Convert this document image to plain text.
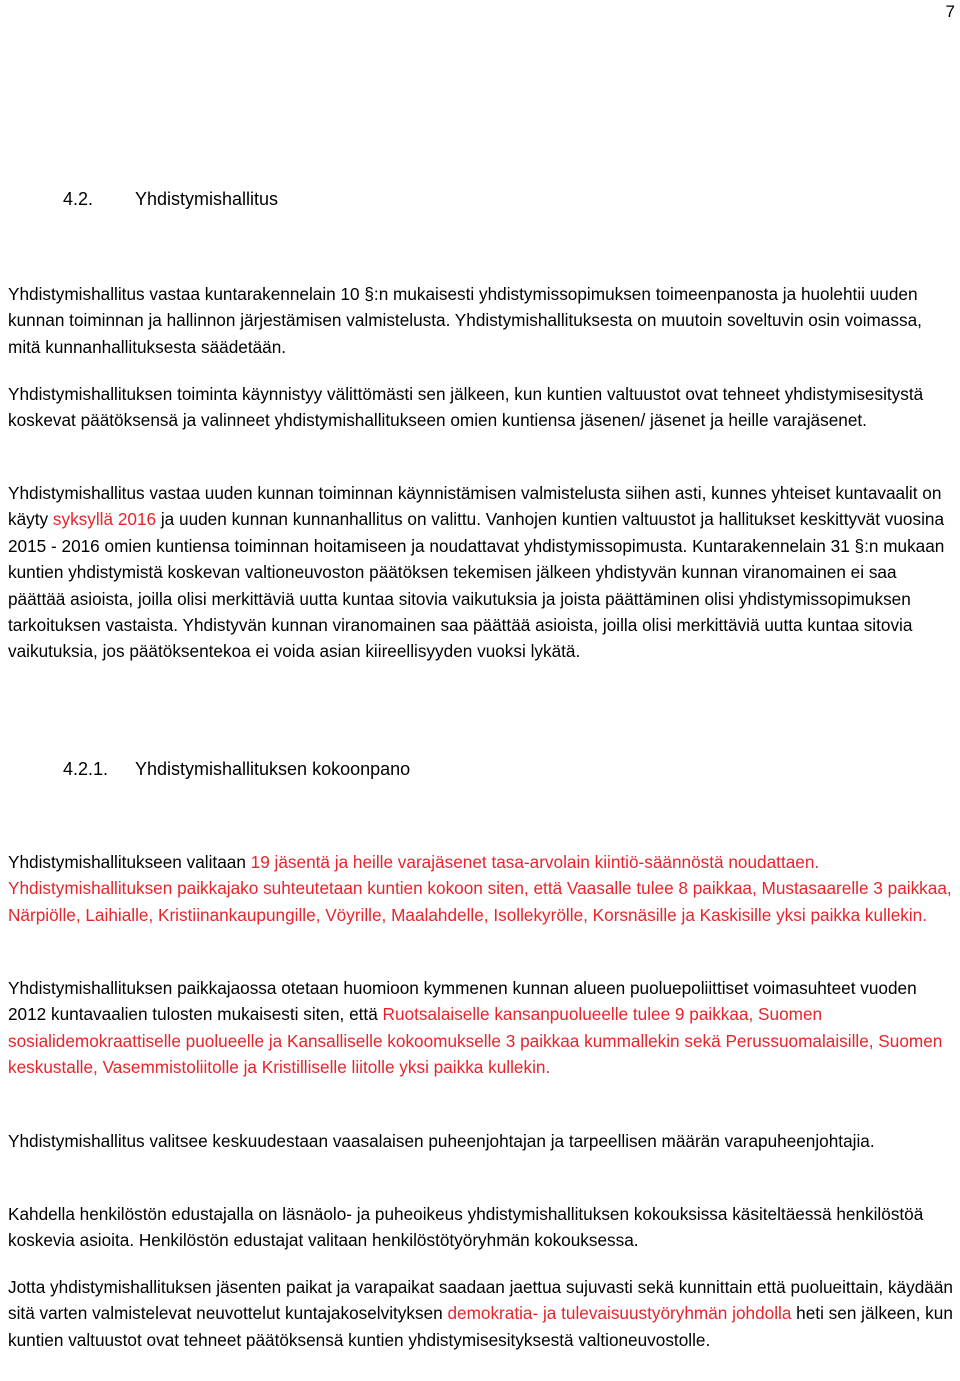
7
4.2. Yhdistymishallitus

Yhdistymishallitus vastaa kuntarakennelain 10 §:n mukaisesti yhdistymissopimuksen toimeenpanosta ja huolehtii uuden kunnan toiminnan ja hallinnon järjestämisen valmistelusta. Yhdistymishallituksesta on muutoin soveltuvin osin voimassa, mitä kunnanhallituksesta säädetään.

Yhdistymishallituksen toiminta käynnistyy välittömästi sen jälkeen, kun kuntien valtuustot ovat tehneet yhdistymisesitystä koskevat päätöksensä ja valinneet yhdistymishallitukseen omien kuntiensa jäsenen/ jäsenet ja heille varajäsenet.

Yhdistymishallitus vastaa uuden kunnan toiminnan käynnistämisen valmistelusta siihen asti, kunnes yhteiset kuntavaalit on käyty syksyllä 2016 ja uuden kunnan kunnanhallitus on valittu. Vanhojen kuntien valtuustot ja hallitukset keskittyvät vuosina 2015 - 2016 omien kuntiensa toiminnan hoitamiseen ja noudattavat yhdistymissopimusta. Kuntarakennelain 31 §:n mukaan kuntien yhdistymistä koskevan valtioneuvoston päätöksen tekemisen jälkeen yhdistyvän kunnan viranomainen ei saa päättää asioista, joilla olisi merkittäviä uutta kuntaa sitovia vaikutuksia ja joista päättäminen olisi yhdistymissopimuksen tarkoituksen vastaista. Yhdistyvän kunnan viranomainen saa päättää asioista, joilla olisi merkittäviä uutta kuntaa sitovia vaikutuksia, jos päätöksentekoa ei voida asian kiireellisyyden vuoksi lykätä.

4.2.1. Yhdistymishallituksen kokoonpano

Yhdistymishallitukseen valitaan 19 jäsentä ja heille varajäsenet tasa-arvolain kiintiö-säännöstä noudattaen. Yhdistymishallituksen paikkajako suhteutetaan kuntien kokoon siten, että Vaasalle tulee 8 paikkaa, Mustasaarelle 3 paikkaa, Närpiölle, Laihialle, Kristiinankaupungille, Vöyrille, Maalahdelle, Isollekyrölle, Korsnäsille ja Kaskisille yksi paikka kullekin.

Yhdistymishallituksen paikkajaossa otetaan huomioon kymmenen kunnan alueen puoluepoliittiset voimasuhteet vuoden 2012 kuntavaalien tulosten mukaisesti siten, että Ruotsalaiselle kansanpuolueelle tulee 9 paikkaa, Suomen sosialidemokraattiselle puolueelle ja Kansalliselle kokoomukselle 3 paikkaa kummallekin sekä Perussuomalaisille, Suomen keskustalle, Vasemmistoliitolle ja Kristilliselle liitolle yksi paikka kullekin.

Yhdistymishallitus valitsee keskuudestaan vaasalaisen puheenjohtajan ja tarpeellisen määrän varapuheenjohtajia.

Kahdella henkilöstön edustajalla on läsnäolo- ja puheoikeus yhdistymishallituksen kokouksissa käsiteltäessä henkilöstöä koskevia asioita. Henkilöstön edustajat valitaan henkilöstötyöryhmän kokouksessa.

Jotta yhdistymishallituksen jäsenten paikat ja varapaikat saadaan jaettua sujuvasti sekä kunnittain että puolueittain, käydään sitä varten valmistelevat neuvottelut kuntajakoselvityksen demokratia- ja tulevaisuustyöryhmän johdolla heti sen jälkeen, kun kuntien valtuustot ovat tehneet päätöksensä kuntien yhdistymisesityksestä valtioneuvostolle.
